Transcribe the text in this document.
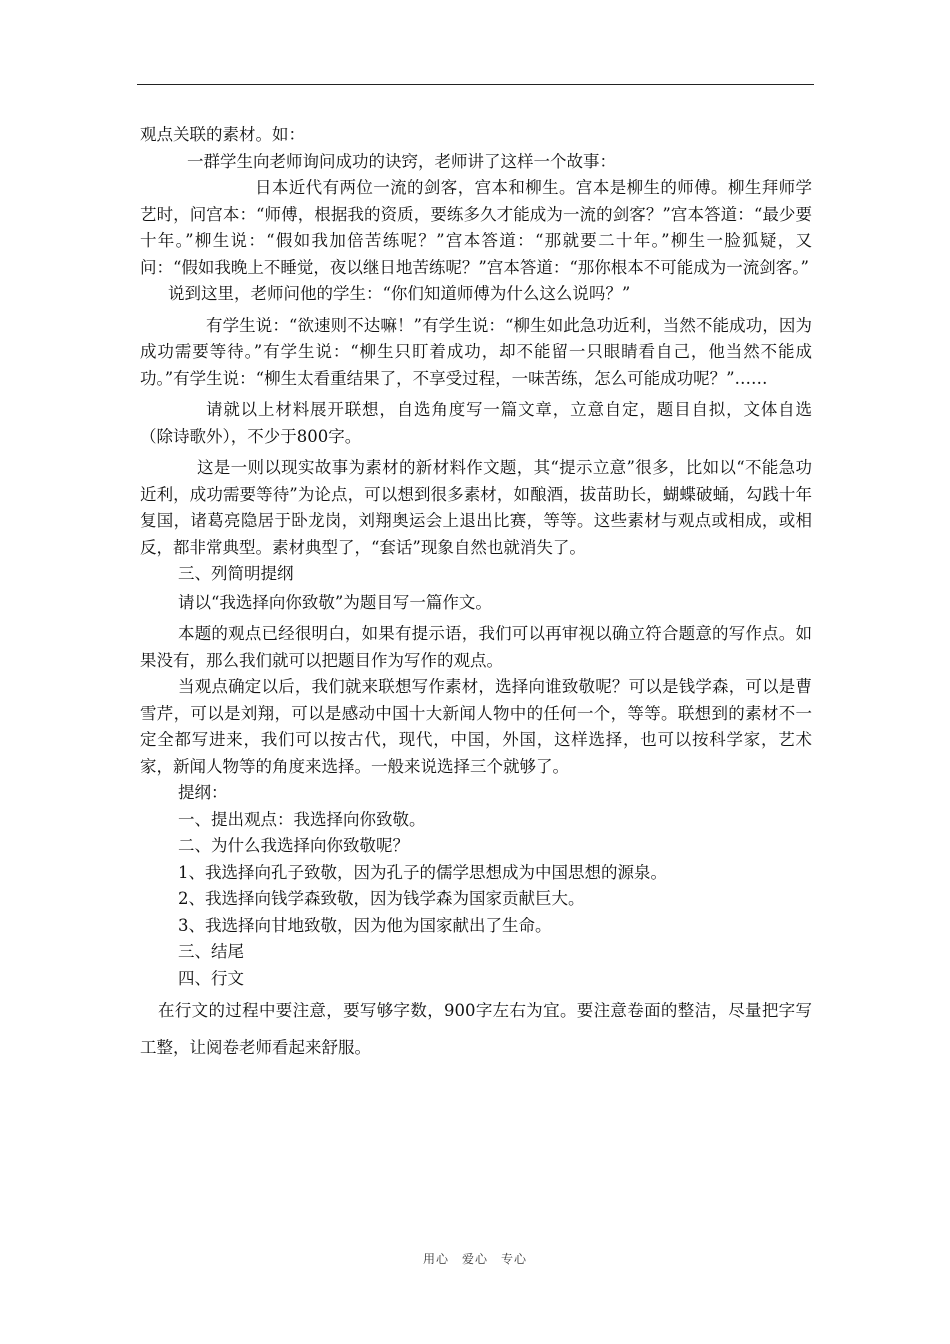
观点关联的素材。如：

一群学生向老师询问成功的诀窍，老师讲了这样一个故事：

日本近代有两位一流的剑客，宫本和柳生。宫本是柳生的师傅。柳生拜师学艺时，问宫本：“师傅，根据我的资质，要练多久才能成为一流的剑客？”宫本答道：“最少要十年。”柳生说：“假如我加倍苦练呢？”宫本答道：“那就要二十年。”柳生一脸狐疑，又问：“假如我晚上不睡觉，夜以继日地苦练呢？”宫本答道：“那你根本不可能成为一流剑客。”

说到这里，老师问他的学生：“你们知道师傅为什么这么说吗？”

有学生说：“欲速则不达嘛！”有学生说：“柳生如此急功近利，当然不能成功，因为成功需要等待。”有学生说：“柳生只盯着成功，却不能留一只眼睛看自己，他当然不能成功。”有学生说：“柳生太看重结果了，不享受过程，一味苦练，怎么可能成功呢？”……

请就以上材料展开联想，自选角度写一篇文章，立意自定，题目自拟，文体自选（除诗歌外），不少于800字。

这是一则以现实故事为素材的新材料作文题，其“提示立意”很多，比如以“不能急功近利，成功需要等待”为论点，可以想到很多素材，如酿酒，拔苗助长，蝴蝶破蛹，勾践十年复国，诸葛亮隐居于卧龙岗，刘翔奥运会上退出比赛，等等。这些素材与观点或相成，或相反，都非常典型。素材典型了，“套话”现象自然也就消失了。

三、列简明提纲

请以“我选择向你致敬”为题目写一篇作文。

本题的观点已经很明白，如果有提示语，我们可以再审视以确立符合题意的写作点。如果没有，那么我们就可以把题目作为写作的观点。

当观点确定以后，我们就来联想写作素材，选择向谁致敬呢？可以是钱学森，可以是曹雪芹，可以是刘翔，可以是感动中国十大新闻人物中的任何一个，等等。联想到的素材不一定全都写进来，我们可以按古代，现代，中国，外国，这样选择，也可以按科学家，艺术家，新闻人物等的角度来选择。一般来说选择三个就够了。

提纲：

一、提出观点：我选择向你致敬。

二、为什么我选择向你致敬呢？

1、我选择向孔子致敬，因为孔子的儒学思想成为中国思想的源泉。

2、我选择向钱学森致敬，因为钱学森为国家贡献巨大。

3、我选择向甘地致敬，因为他为国家献出了生命。

三、结尾

四、行文

在行文的过程中要注意，要写够字数，900字左右为宜。要注意卷面的整洁，尽量把字写工整，让阅卷老师看起来舒服。

用心　爱心　专心
